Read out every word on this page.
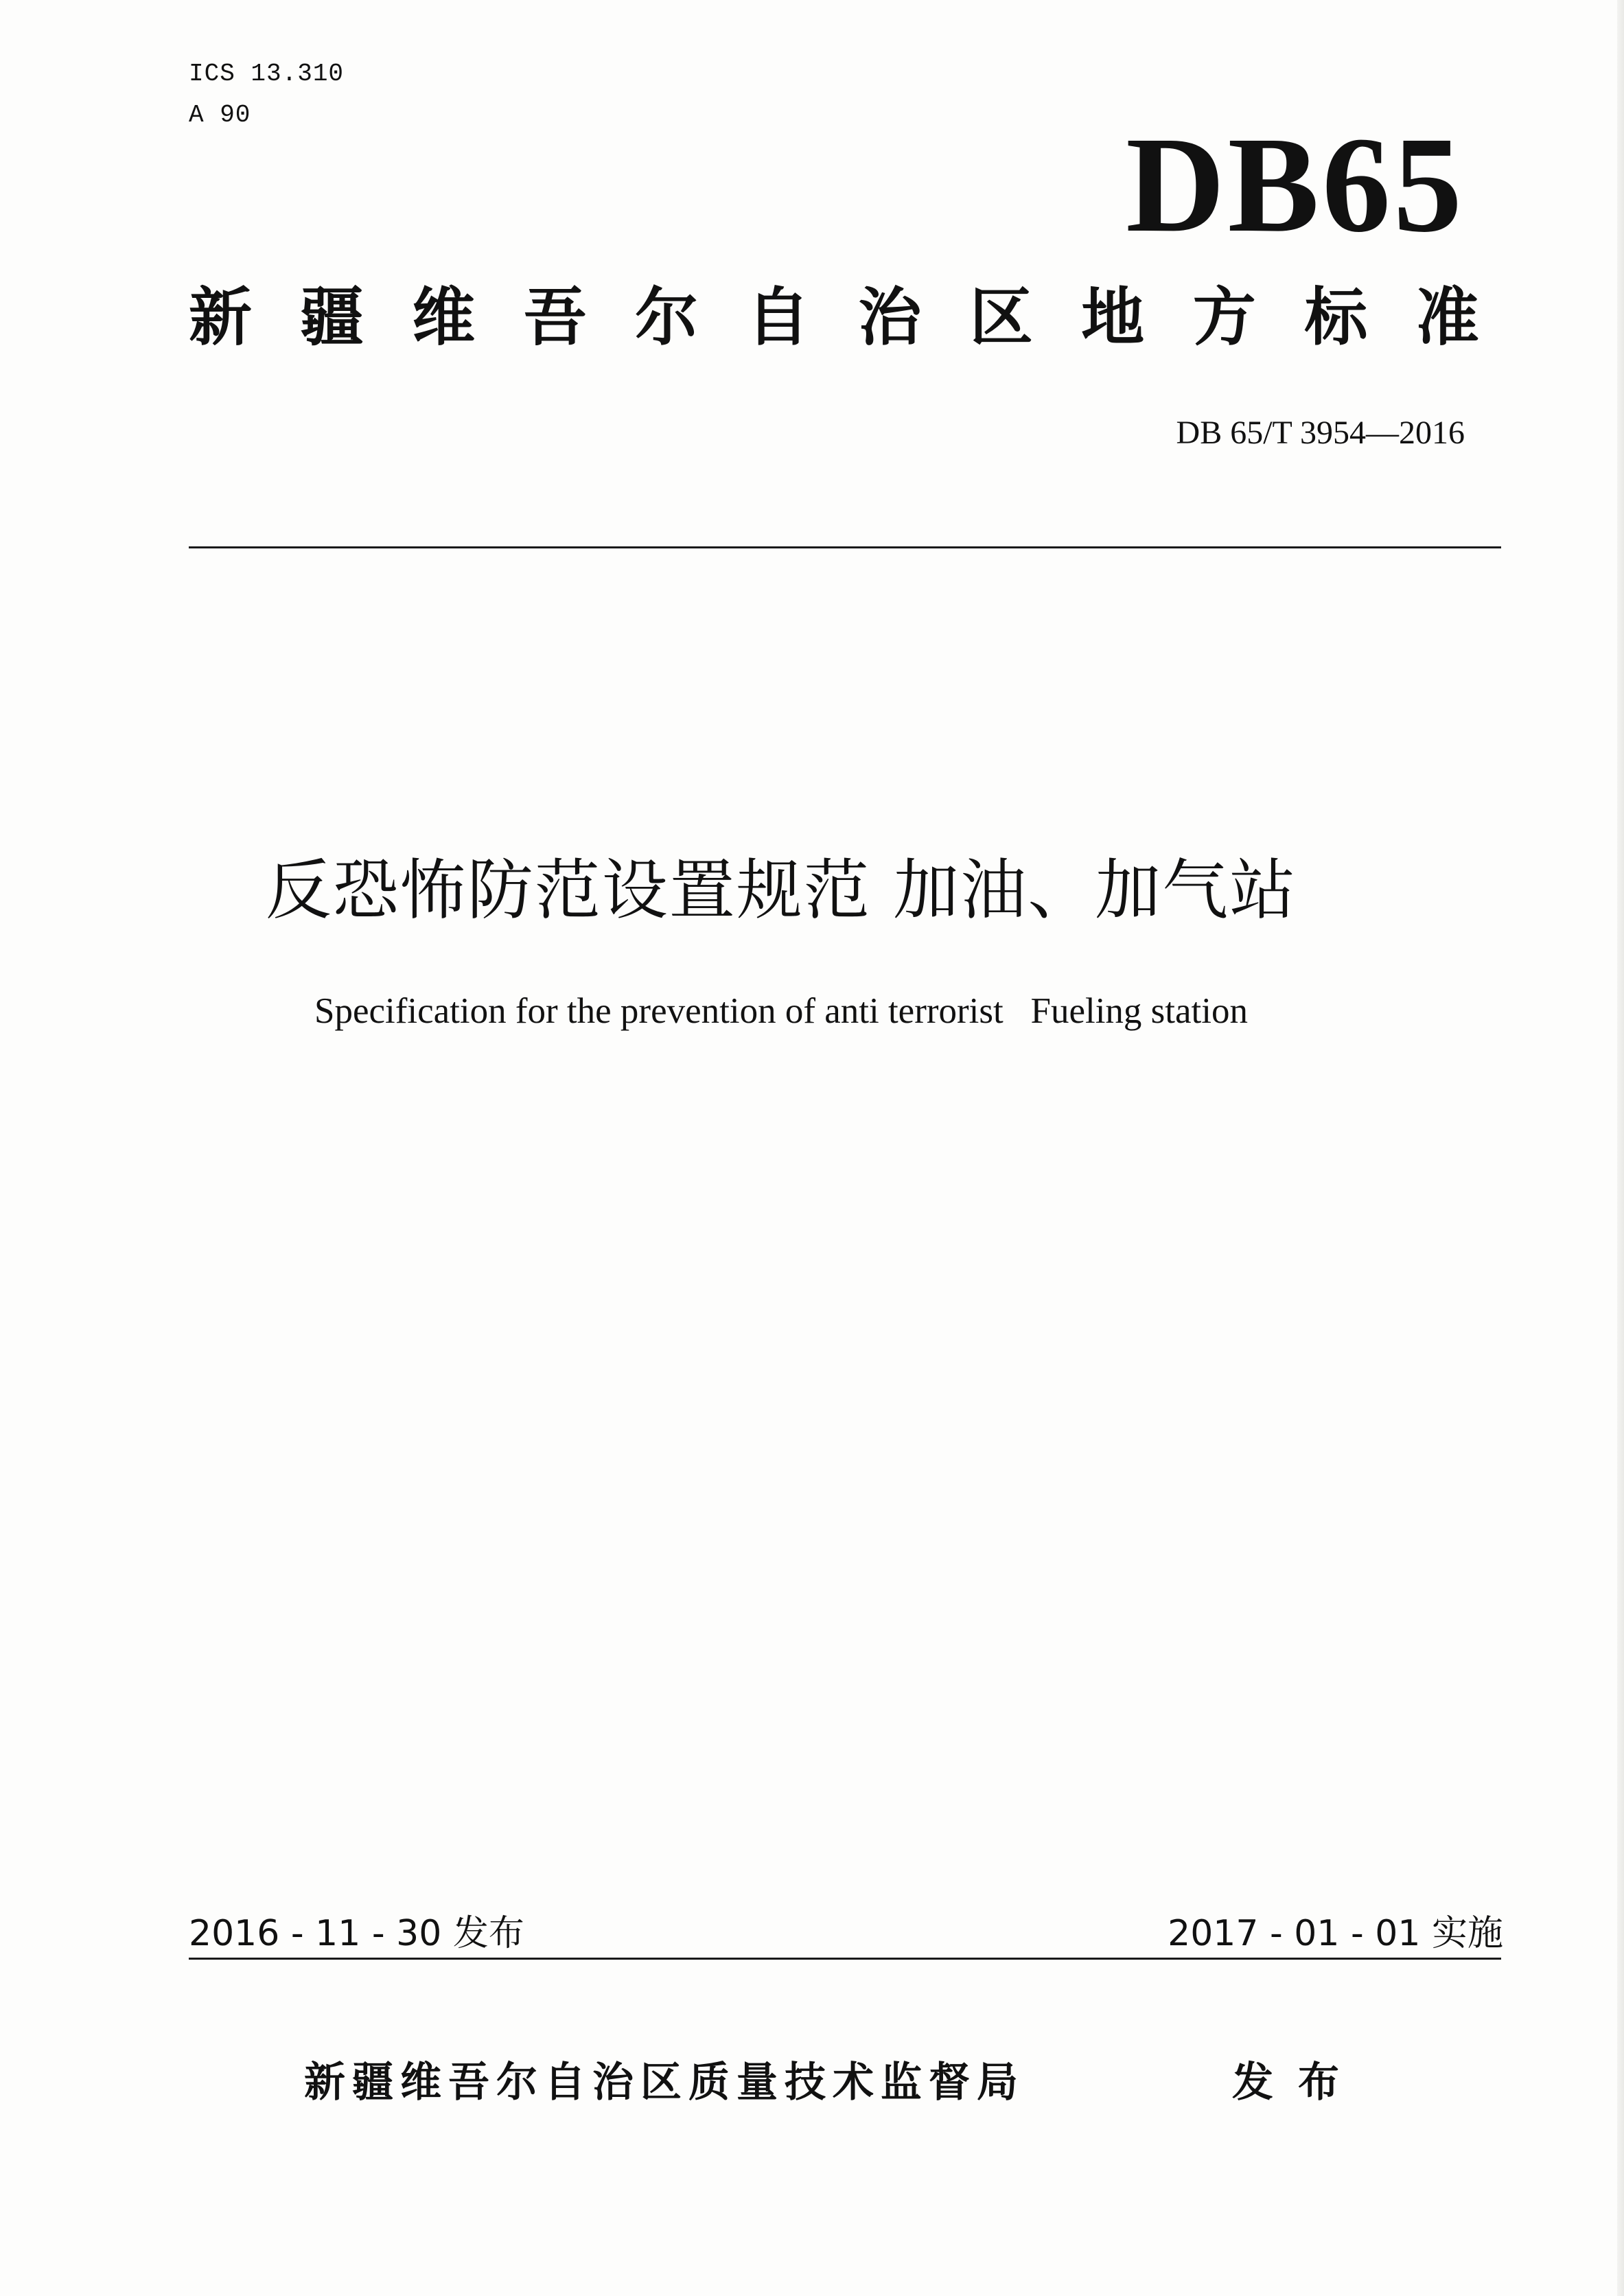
ICS 13.310
A 90	DB65
新 疆 维 吾 尔 自 治 区 地 方 标 准
DB 65/T 3954—2016
反恐怖防范设置规范 加油、加气站
Specification for the prevention of anti terrorist   Fueling station
2016 - 11 - 30 发布	2017 - 01 - 01 实施
新疆维吾尔自治区质量技术监督局	发布
